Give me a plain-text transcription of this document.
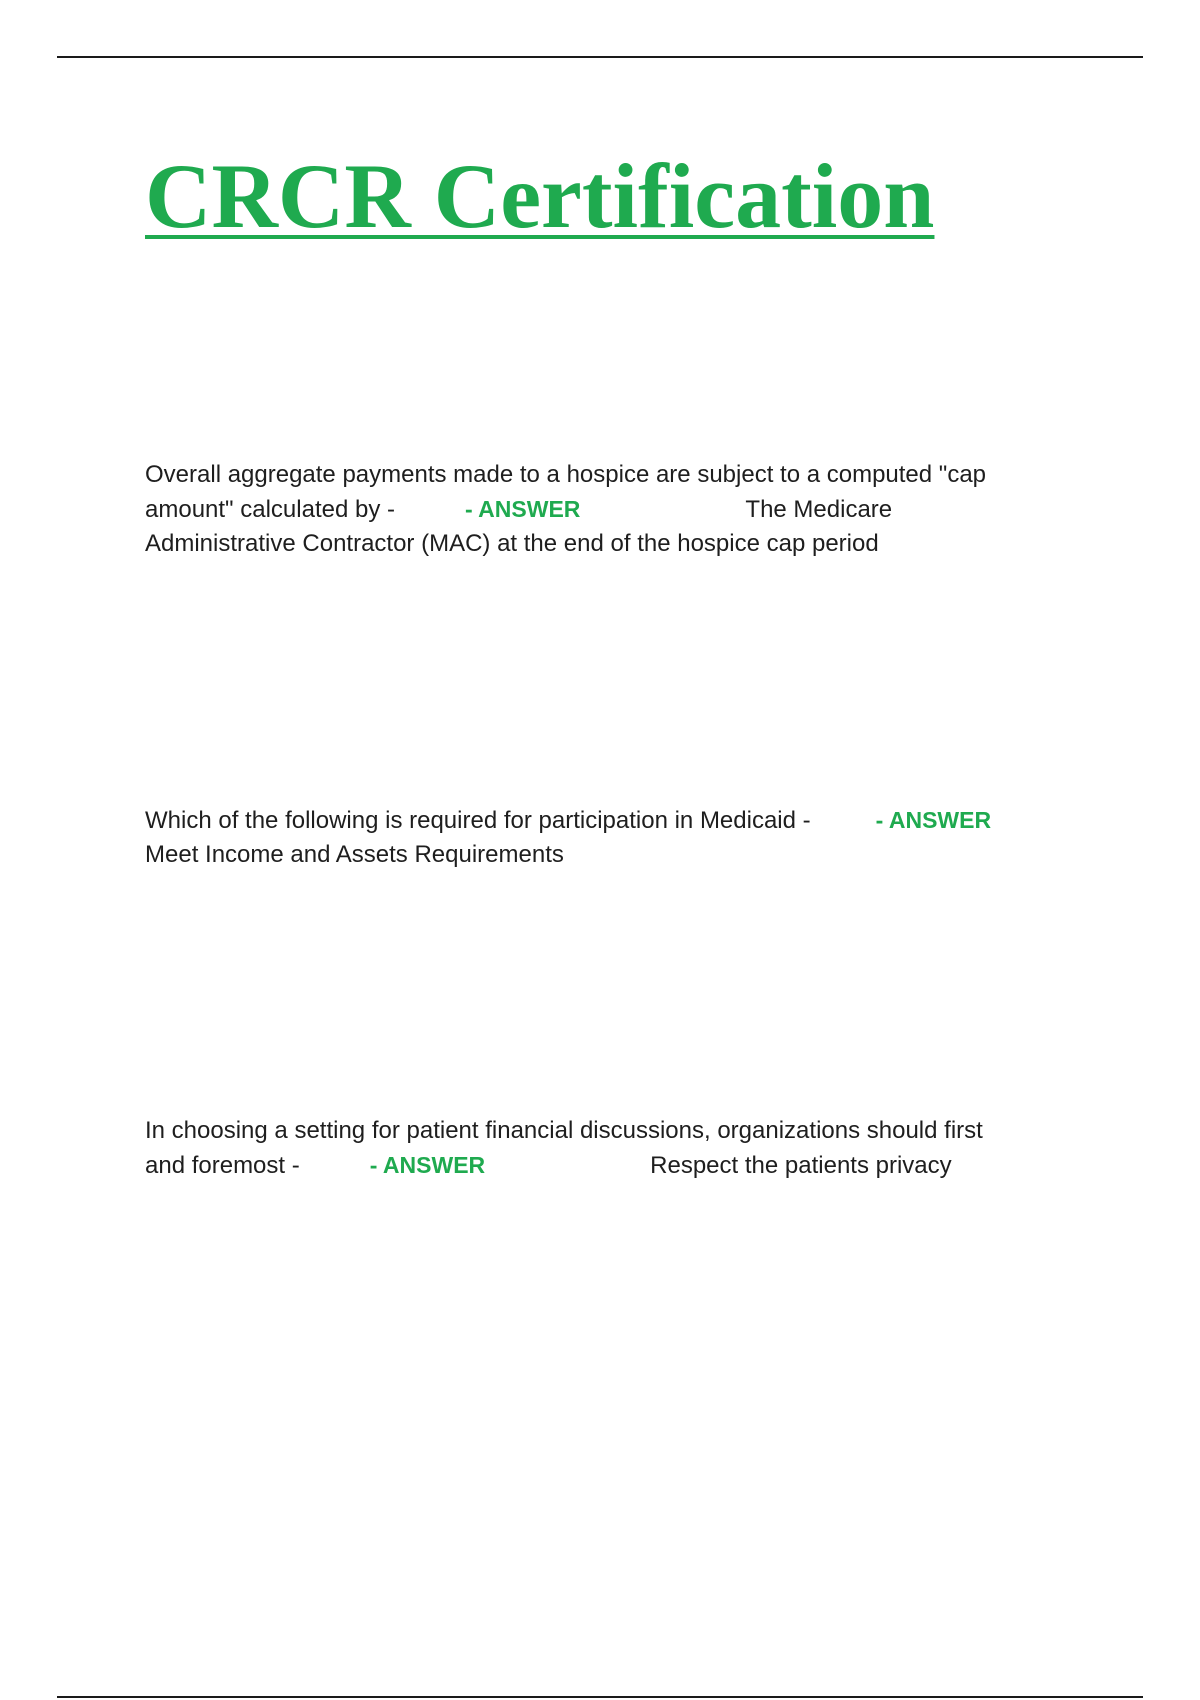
CRCR Certification
Overall aggregate payments made to a hospice are subject to a computed "cap
amount" calculated by -	- ANSWER	The Medicare
Administrative Contractor (MAC) at the end of the hospice cap period
Which of the following is required for participation in Medicaid -	- ANSWER
Meet Income and Assets Requirements
In choosing a setting for patient financial discussions, organizations should first
and foremost -	- ANSWER	Respect the patients privacy
